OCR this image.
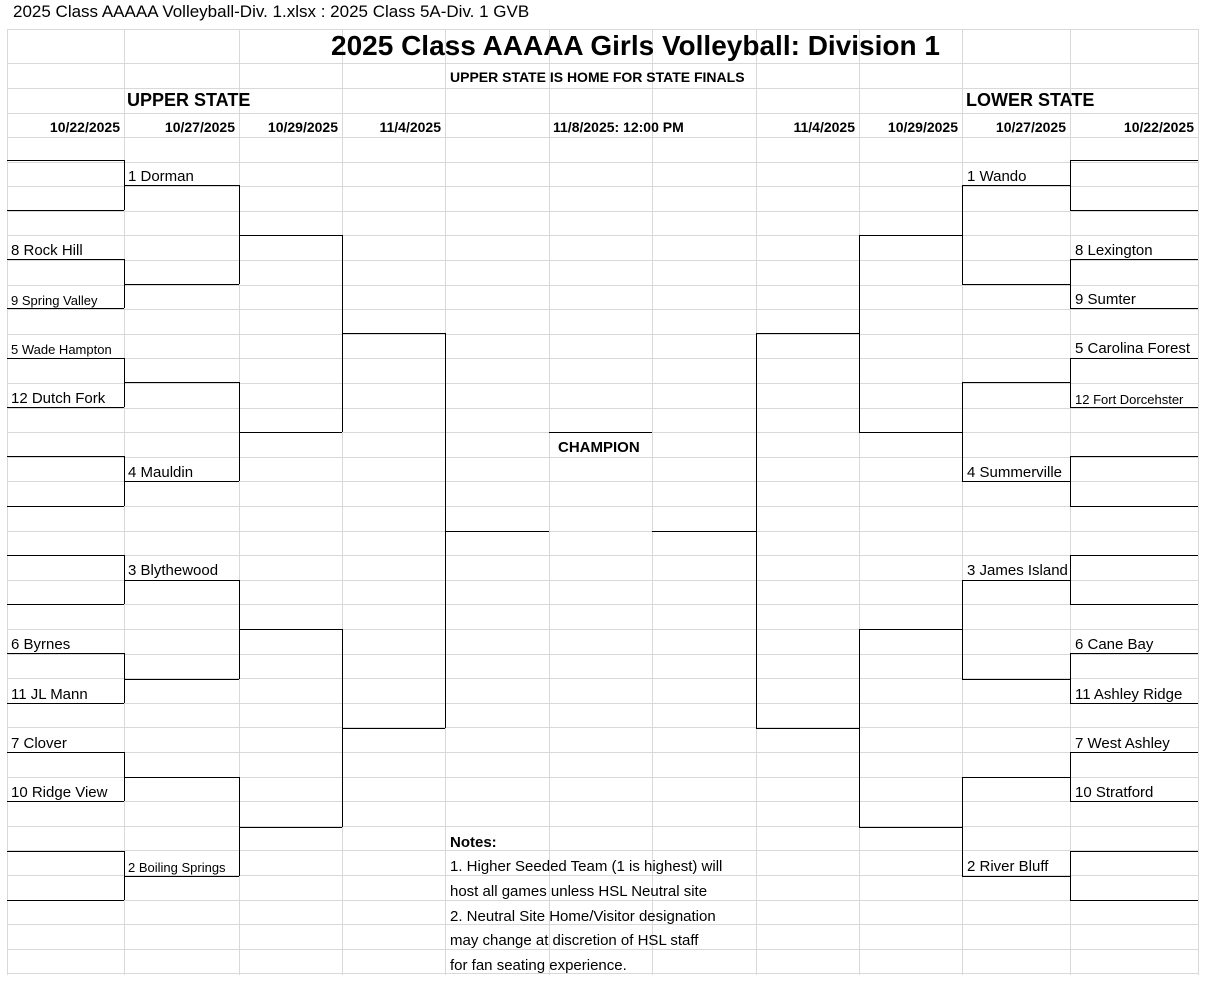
2025 Class AAAAA Girls Volleyball: Division 1
UPPER STATE IS HOME FOR STATE FINALS
UPPER STATE	LOWER STATE
10/22/2025	10/27/2025 10/29/2025	11/4/2025	11/8/2025: 12:00 PM	11/4/2025 10/29/2025	10/27/2025	10/22/2025
1 Dorman
8 Rock Hill
9 Spring Valley
5 Wade Hampton
12 Dutch Fork
4 Mauldin
3 Blythewood
6 Byrnes
11 JL Mann
7 Clover
10 Ridge View
2 Boiling Springs
1 Wando
8 Lexington
9 Sumter
5 Carolina Forest
12 Fort Dorcehster
4 Summerville
3 James Island
6 Cane Bay
11 Ashley Ridge
7 West Ashley
10 Stratford
2 River Bluff
CHAMPION
Notes:
1. Higher Seeded Team (1 is highest) will
host all games unless HSL Neutral site
2. Neutral Site Home/Visitor designation
may change at discretion of HSL staff
for fan seating experience.
2025 Class AAAAA Volleyball-Div. 1.xlsx : 2025 Class 5A-Div. 1 GVB
